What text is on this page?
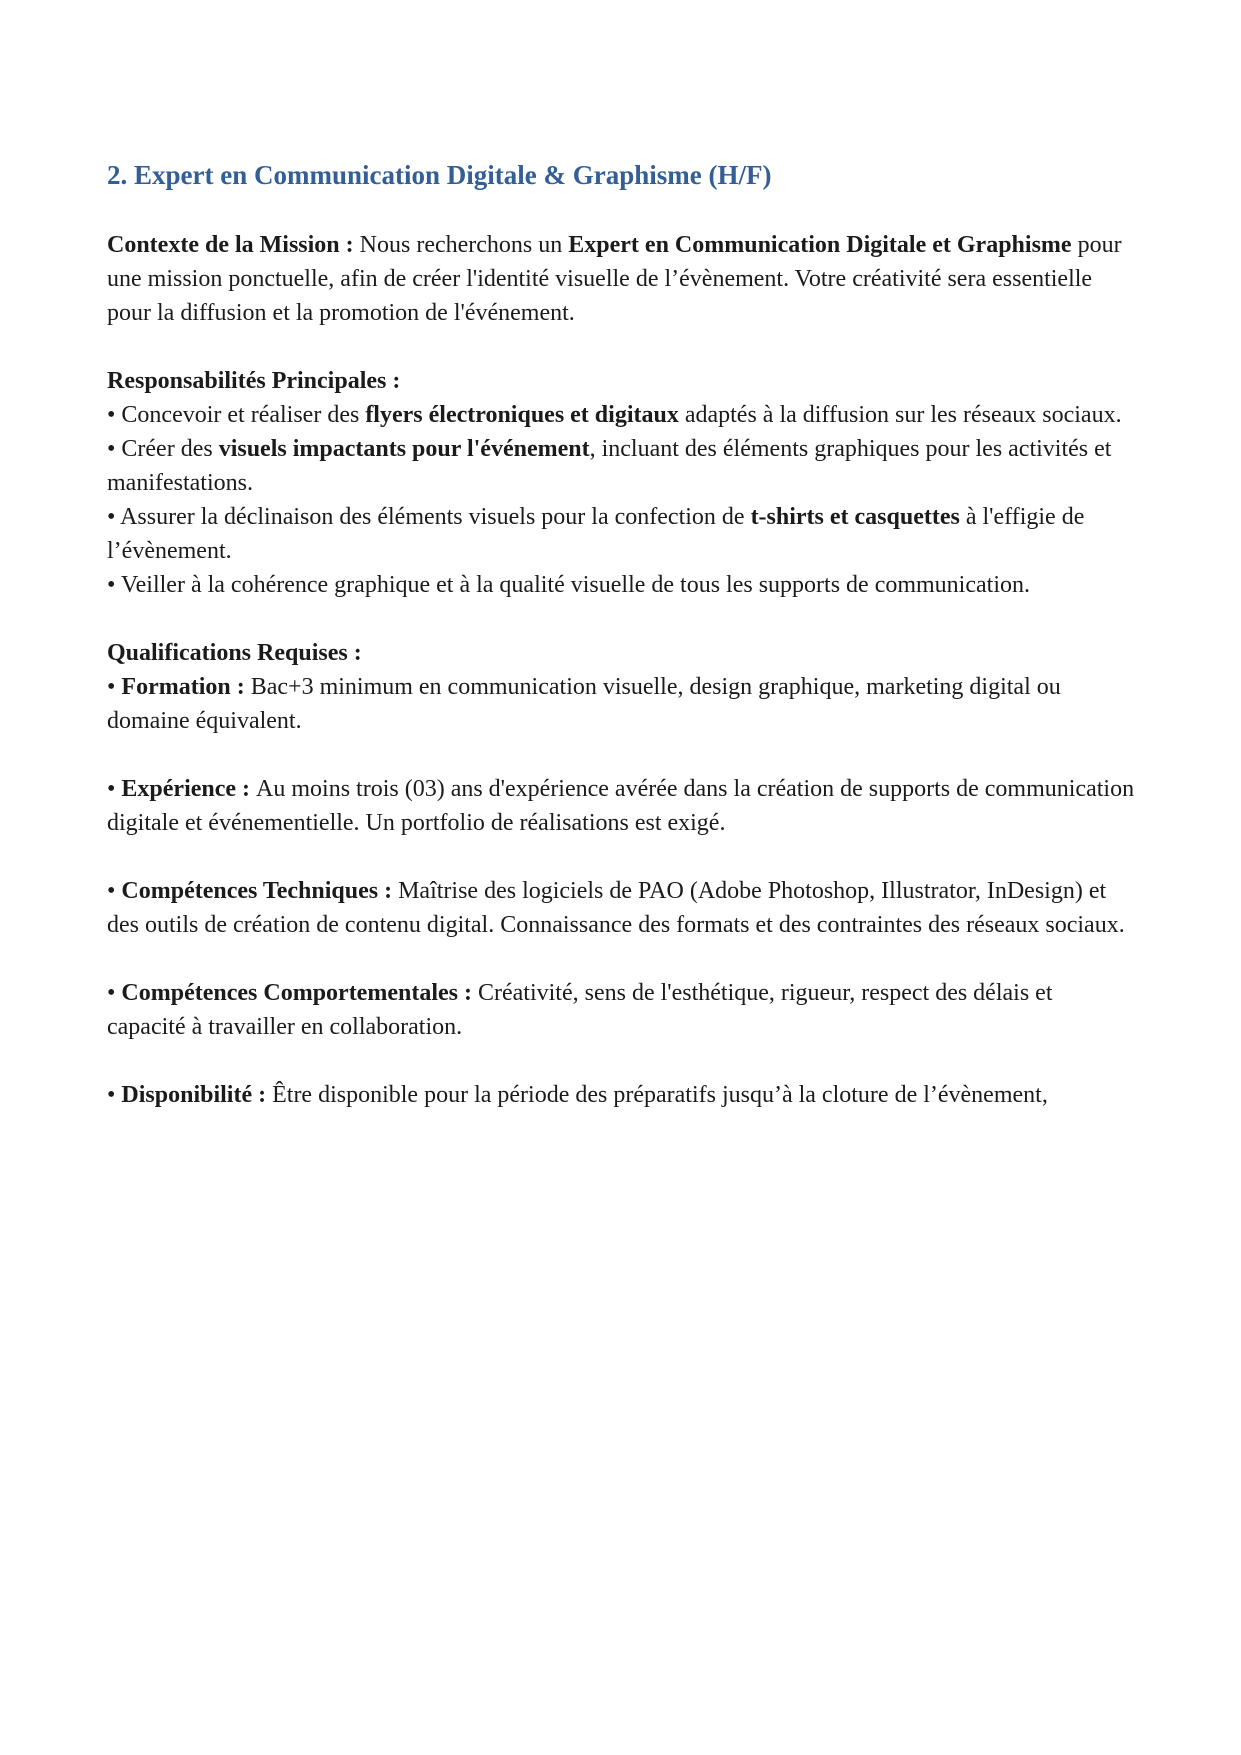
2. Expert en Communication Digitale & Graphisme (H/F)

Contexte de la Mission : Nous recherchons un Expert en Communication Digitale et Graphisme pour une mission ponctuelle, afin de créer l'identité visuelle de l’évènement. Votre créativité sera essentielle pour la diffusion et la promotion de l'événement.

Responsabilités Principales :

• Concevoir et réaliser des flyers électroniques et digitaux adaptés à la diffusion sur les réseaux sociaux.

• Créer des visuels impactants pour l'événement, incluant des éléments graphiques pour les activités et manifestations.

• Assurer la déclinaison des éléments visuels pour la confection de t-shirts et casquettes à l'effigie de l’évènement.

• Veiller à la cohérence graphique et à la qualité visuelle de tous les supports de communication.

Qualifications Requises :

• Formation : Bac+3 minimum en communication visuelle, design graphique, marketing digital ou domaine équivalent.

• Expérience : Au moins trois (03) ans d'expérience avérée dans la création de supports de communication digitale et événementielle. Un portfolio de réalisations est exigé.

• Compétences Techniques : Maîtrise des logiciels de PAO (Adobe Photoshop, Illustrator, InDesign) et des outils de création de contenu digital. Connaissance des formats et des contraintes des réseaux sociaux.

• Compétences Comportementales : Créativité, sens de l'esthétique, rigueur, respect des délais et capacité à travailler en collaboration.

• Disponibilité : Être disponible pour la période des préparatifs jusqu’à la cloture de l’évènement,
